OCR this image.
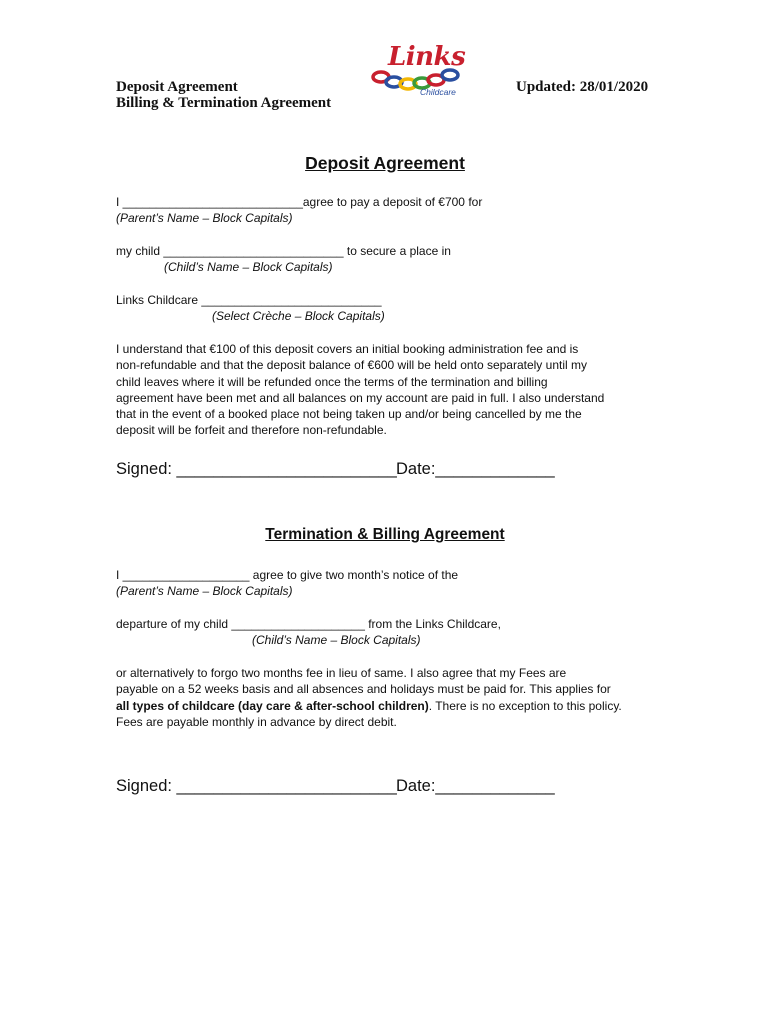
Deposit Agreement
Billing & Termination Agreement
Updated: 28/01/2020
Links
Childcare
Deposit Agreement
I ___________________________agree to pay a deposit of €700 for
(Parent’s Name – Block Capitals)
my child ___________________________ to secure a place in
(Child’s Name – Block Capitals)
Links Childcare ___________________________
(Select Crèche – Block Capitals)
I understand that €100 of this deposit covers an initial booking administration fee and is
non-refundable and that the deposit balance of €600 will be held onto separately until my
child leaves where it will be refunded once the terms of the termination and billing
agreement have been met and all balances on my account are paid in full. I also understand
that in the event of a booked place not being taken up and/or being cancelled by me the
deposit will be forfeit and therefore non-refundable.
Signed: ________________________ Date:_____________
Termination & Billing Agreement
I ___________________ agree to give two month’s notice of the
(Parent’s Name – Block Capitals)
departure of my child ____________________ from the Links Childcare,
(Child’s Name – Block Capitals)
or alternatively to forgo two months fee in lieu of same. I also agree that my Fees are
payable on a 52 weeks basis and all absences and holidays must be paid for. This applies for
all types of childcare (day care & after-school children). There is no exception to this policy.
Fees are payable monthly in advance by direct debit.
Signed: ________________________ Date:_____________
